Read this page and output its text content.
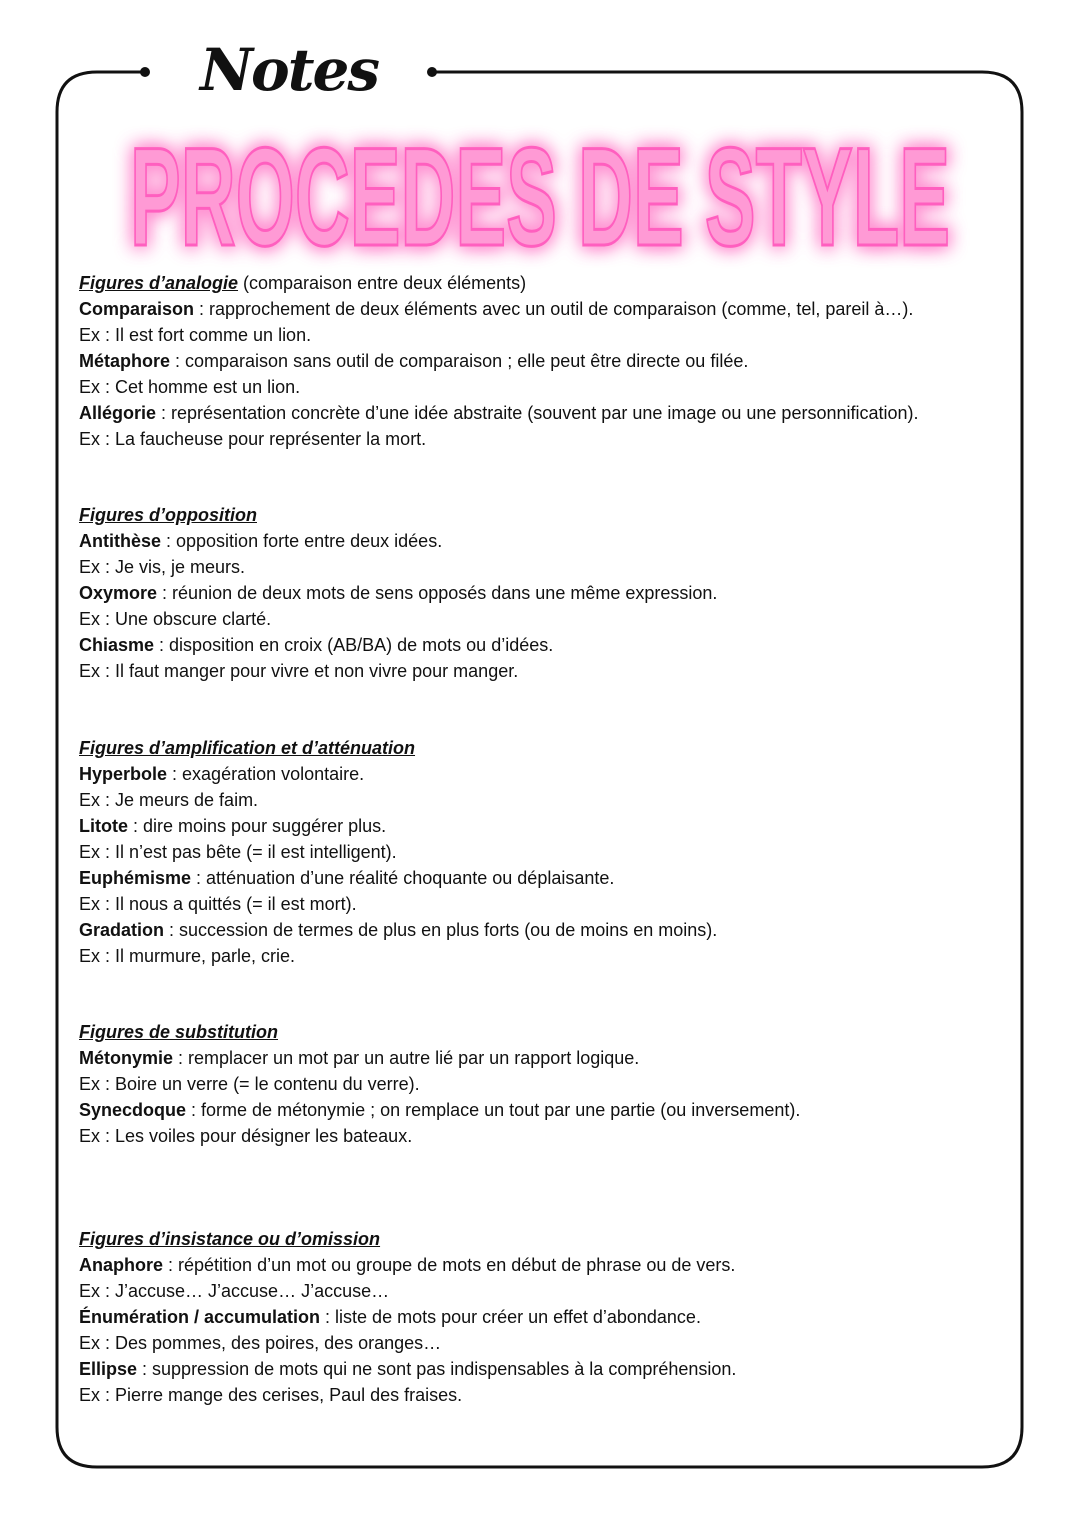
Notes
PROCEDES DE STYLE
Figures d’analogie (comparaison entre deux éléments)
Comparaison : rapprochement de deux éléments avec un outil de comparaison (comme, tel, pareil à…).
Ex : Il est fort comme un lion.
Métaphore : comparaison sans outil de comparaison ; elle peut être directe ou filée.
Ex : Cet homme est un lion.
Allégorie : représentation concrète d’une idée abstraite (souvent par une image ou une personnification).
Ex : La faucheuse pour représenter la mort.
Figures d’opposition
Antithèse : opposition forte entre deux idées.
Ex : Je vis, je meurs.
Oxymore : réunion de deux mots de sens opposés dans une même expression.
Ex : Une obscure clarté.
Chiasme : disposition en croix (AB/BA) de mots ou d’idées.
Ex : Il faut manger pour vivre et non vivre pour manger.
Figures d’amplification et d’atténuation
Hyperbole : exagération volontaire.
Ex : Je meurs de faim.
Litote : dire moins pour suggérer plus.
Ex : Il n’est pas bête (= il est intelligent).
Euphémisme : atténuation d’une réalité choquante ou déplaisante.
Ex : Il nous a quittés (= il est mort).
Gradation : succession de termes de plus en plus forts (ou de moins en moins).
Ex : Il murmure, parle, crie.
Figures de substitution
Métonymie : remplacer un mot par un autre lié par un rapport logique.
Ex : Boire un verre (= le contenu du verre).
Synecdoque : forme de métonymie ; on remplace un tout par une partie (ou inversement).
Ex : Les voiles pour désigner les bateaux.
Figures d’insistance ou d’omission
Anaphore : répétition d’un mot ou groupe de mots en début de phrase ou de vers.
Ex : J’accuse… J’accuse… J’accuse…
Énumération / accumulation : liste de mots pour créer un effet d’abondance.
Ex : Des pommes, des poires, des oranges…
Ellipse : suppression de mots qui ne sont pas indispensables à la compréhension.
Ex : Pierre mange des cerises, Paul des fraises.
